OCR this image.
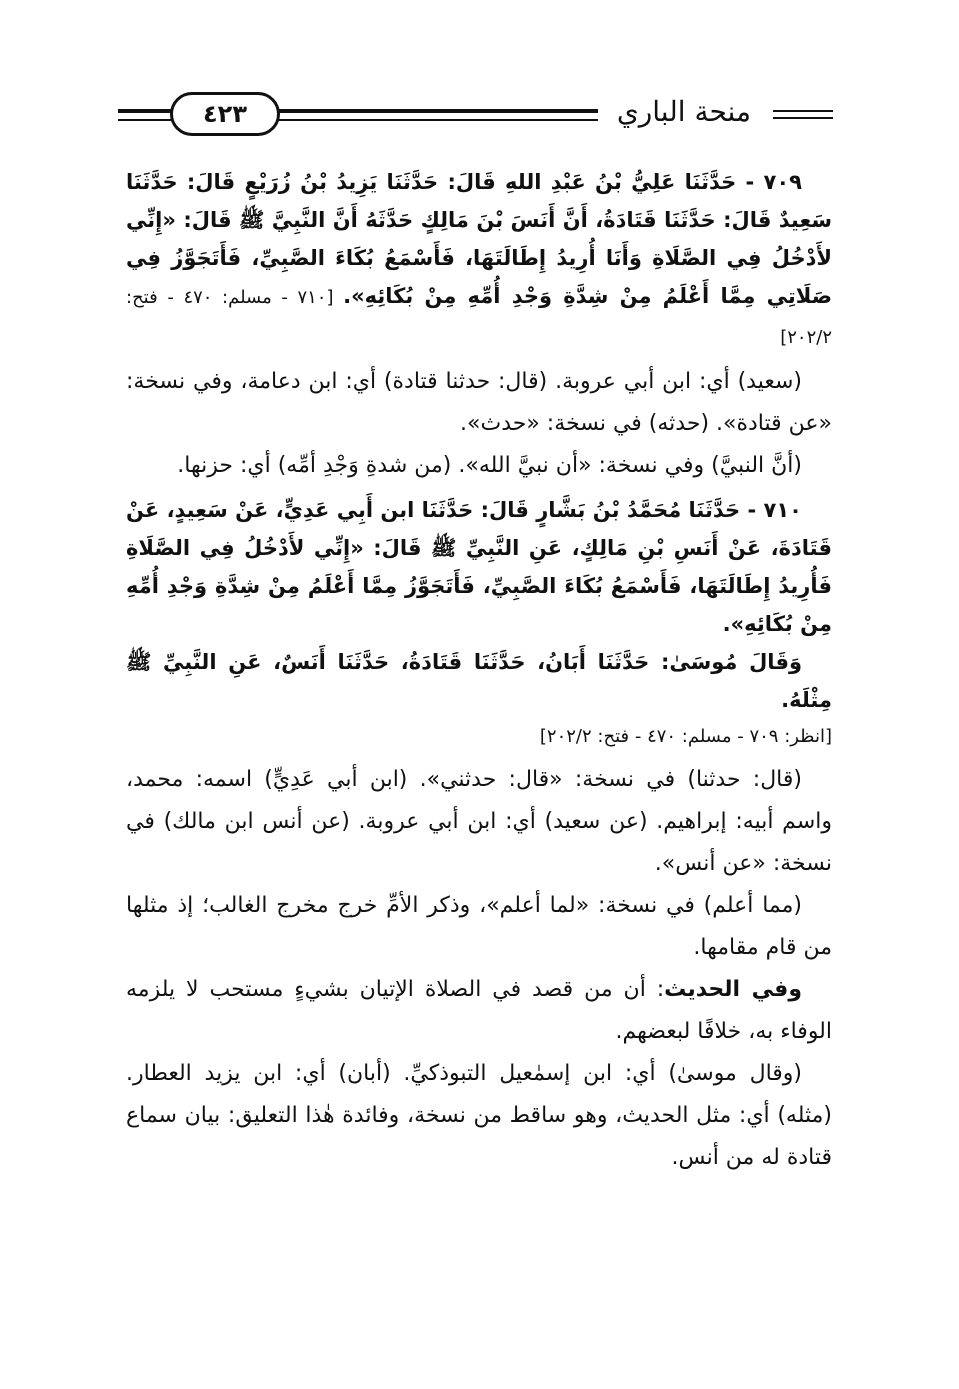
منحة الباري
٤٢٣

٧٠٩ - حَدَّثَنَا عَلِيُّ بْنُ عَبْدِ اللهِ قَالَ: حَدَّثَنَا يَزِيدُ بْنُ زُرَيْعٍ قَالَ: حَدَّثَنَا سَعِيدٌ قَالَ: حَدَّثَنَا قَتَادَةُ، أَنَّ أَنَسَ بْنَ مَالِكٍ حَدَّثَهُ أَنَّ النَّبِيَّ ﷺ قَالَ: «إِنِّي لأَدْخُلُ فِي الصَّلَاةِ وَأَنَا أُرِيدُ إِطَالَتَهَا، فَأَسْمَعُ بُكَاءَ الصَّبِيِّ، فَأَتَجَوَّزُ فِي صَلَاتِي مِمَّا أَعْلَمُ مِنْ شِدَّةِ وَجْدِ أُمِّهِ مِنْ بُكَائِهِ». [٧١٠ - مسلم: ٤٧٠ - فتح: ٢٠٢/٢]

(سعيد) أي: ابن أبي عروبة. (قال: حدثنا قتادة) أي: ابن دعامة، وفي نسخة: «عن قتادة». (حدثه) في نسخة: «حدث».

(أنَّ النبيَّ) وفي نسخة: «أن نبيَّ الله». (من شدةِ وَجْدِ أمِّه) أي: حزنها.

٧١٠ - حَدَّثَنَا مُحَمَّدُ بْنُ بَشَّارٍ قَالَ: حَدَّثَنَا ابن أَبِي عَدِيٍّ، عَنْ سَعِيدٍ، عَنْ قَتَادَةَ، عَنْ أَنَسِ بْنِ مَالِكٍ، عَنِ النَّبِيِّ ﷺ قَالَ: «إِنِّي لأَدْخُلُ فِي الصَّلَاةِ فَأُرِيدُ إِطَالَتَهَا، فَأَسْمَعُ بُكَاءَ الصَّبِيِّ، فَأَتَجَوَّزُ مِمَّا أَعْلَمُ مِنْ شِدَّةِ وَجْدِ أُمِّهِ مِنْ بُكَائِهِ».

وَقَالَ مُوسَىٰ: حَدَّثَنَا أَبَانُ، حَدَّثَنَا قَتَادَةُ، حَدَّثَنَا أَنَسٌ، عَنِ النَّبِيِّ ﷺ مِثْلَهُ.

[انظر: ٧٠٩ - مسلم: ٤٧٠ - فتح: ٢٠٢/٢]

(قال: حدثنا) في نسخة: «قال: حدثني». (ابن أبي عَدِيٍّ) اسمه: محمد، واسم أبيه: إبراهيم. (عن سعيد) أي: ابن أبي عروبة. (عن أنس ابن مالك) في نسخة: «عن أنس».

(مما أعلم) في نسخة: «لما أعلم»، وذكر الأمِّ خرج مخرج الغالب؛ إذ مثلها من قام مقامها.

وفي الحديث: أن من قصد في الصلاة الإتيان بشيءٍ مستحب لا يلزمه الوفاء به، خلافًا لبعضهم.

(وقال موسىٰ) أي: ابن إسمٰعيل التبوذكيِّ. (أبان) أي: ابن يزيد العطار. (مثله) أي: مثل الحديث، وهو ساقط من نسخة، وفائدة هٰذا التعليق: بيان سماع قتادة له من أنس.
